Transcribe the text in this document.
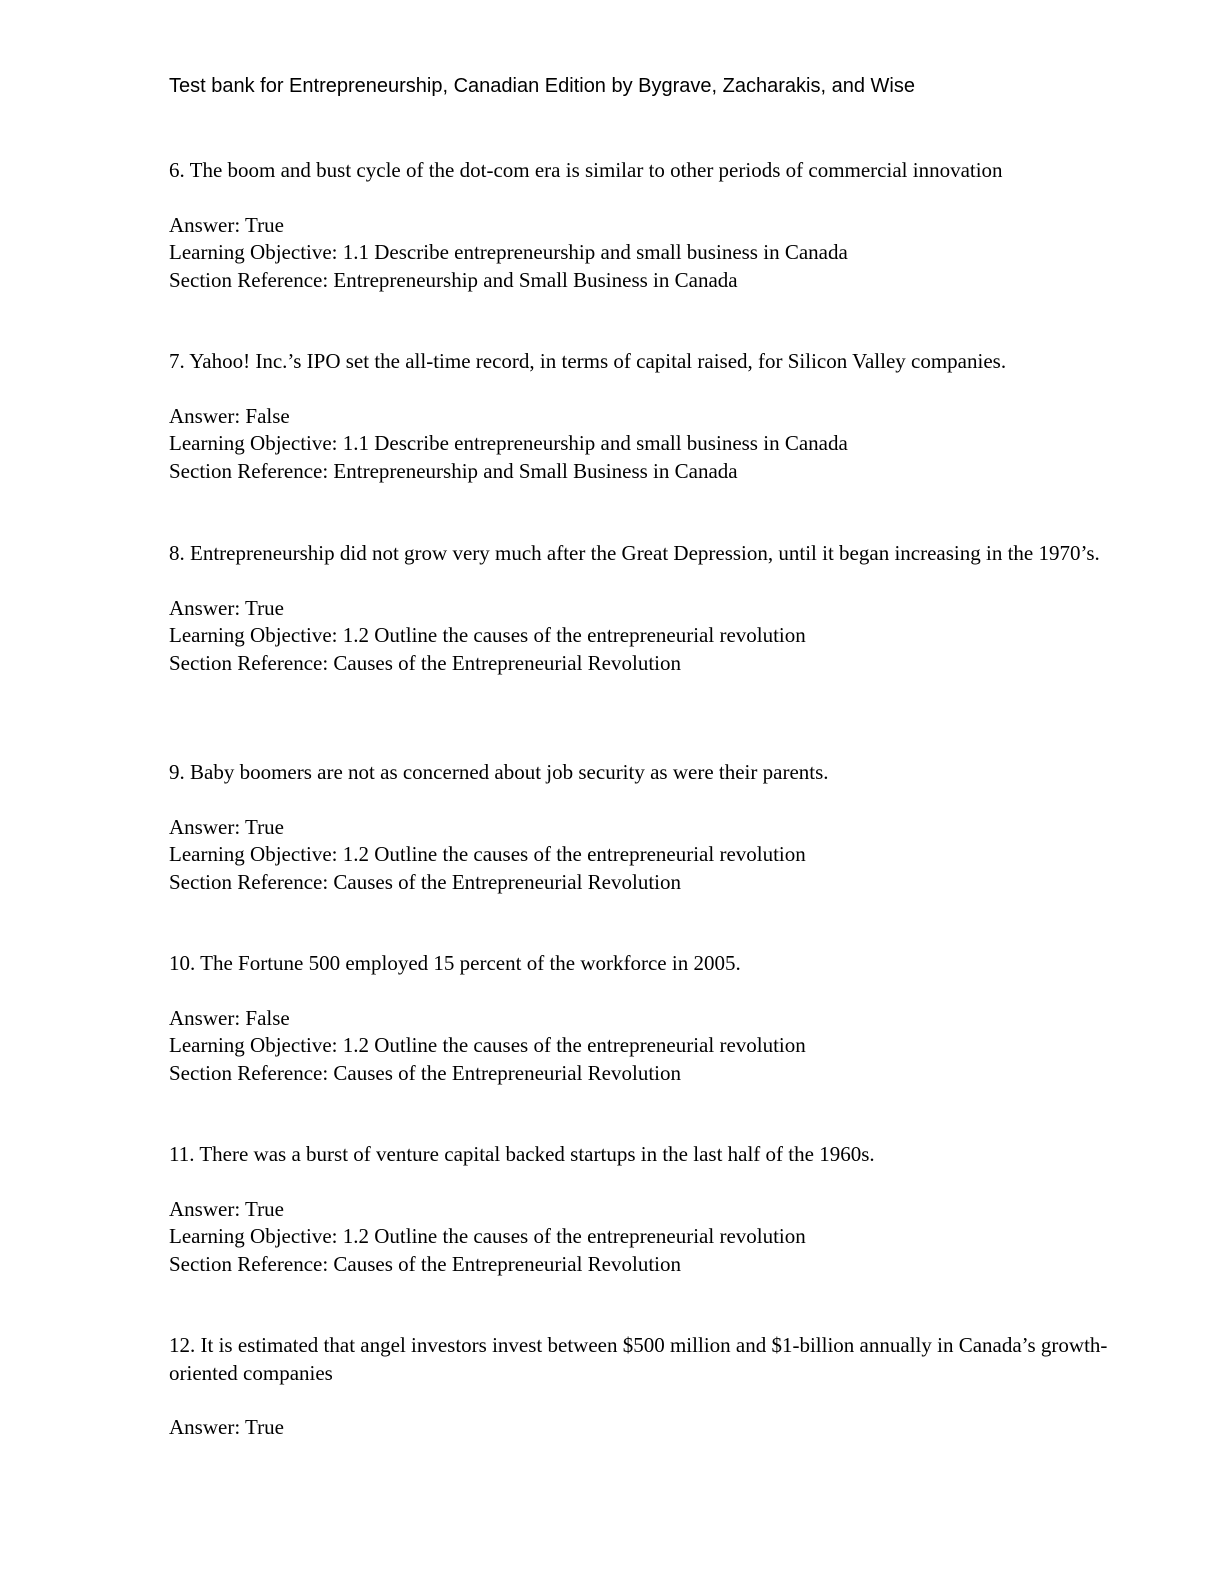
Test bank for Entrepreneurship, Canadian Edition by Bygrave, Zacharakis, and Wise

6. The boom and bust cycle of the dot-com era is similar to other periods of commercial innovation

Answer: True
Learning Objective: 1.1 Describe entrepreneurship and small business in Canada
Section Reference: Entrepreneurship and Small Business in Canada

7. Yahoo! Inc.’s IPO set the all-time record, in terms of capital raised, for Silicon Valley companies.

Answer: False
Learning Objective: 1.1 Describe entrepreneurship and small business in Canada
Section Reference: Entrepreneurship and Small Business in Canada

8. Entrepreneurship did not grow very much after the Great Depression, until it began increasing in the 1970’s.

Answer: True
Learning Objective: 1.2 Outline the causes of the entrepreneurial revolution
Section Reference: Causes of the Entrepreneurial Revolution

9. Baby boomers are not as concerned about job security as were their parents.

Answer: True
Learning Objective: 1.2 Outline the causes of the entrepreneurial revolution
Section Reference: Causes of the Entrepreneurial Revolution

10. The Fortune 500 employed 15 percent of the workforce in 2005.

Answer: False
Learning Objective: 1.2 Outline the causes of the entrepreneurial revolution
Section Reference: Causes of the Entrepreneurial Revolution

11. There was a burst of venture capital backed startups in the last half of the 1960s.

Answer: True
Learning Objective: 1.2 Outline the causes of the entrepreneurial revolution
Section Reference: Causes of the Entrepreneurial Revolution

12. It is estimated that angel investors invest between $500 million and $1-billion annually in Canada’s growth-oriented companies

Answer: True
